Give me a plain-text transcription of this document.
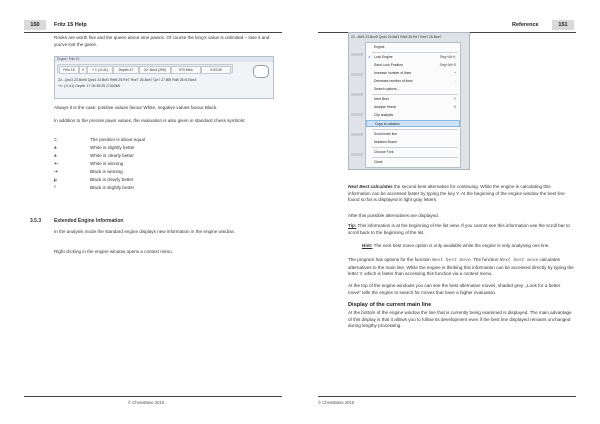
150	Fritz 15 Help

Rooks are worth five and the queen about nine pawns. Of course the king's value is unlimited – lose it and you've lost the game.

Engine: Fritz 15
Fritz 15	0	+ 1 (-0.41)	Depth=17	22: Bxc3 (209)	570 kN/s	0:03:26
22...Qxc3 23.Bxe5 Qxd4 24.Bxf1 Rfe8 25.Re7 Rxe7 26.Bxe7 Qe7 27.Bf5 Rd8 28.f4 Bxe3
+/= (-0.41) Depth: 17 00:39:25 17402kN

Always it is the case: positive values favour White, negative values favour Black.

In addition to the precise pawn values, the evaluation is also given in standard chess symbols:

=	The position is about equal
±	White is slightly better
±	White is clearly better
+-	White is winning
-+	Black is winning
µ	Black is clearly better
³	Black is slightly better
3.5.3	Extended Engine Information

In the analysis mode the standard engine displays new information in the engine window.

Right clicking in the engine window opens a context menu.

© ChessBase 2015
Reference	151
22...Bxf3 23.Bxe5 Qxd4 24.Bxf1 Rfe8 25.Re7 Rxe7 26.Bxe7
Engine
✓ Lock Engine	Strg+Alt+L
Save Lock Position	Strg+Alt+S
Increase number of lines	+
Decrease number of lines	-
Search options...
Next Best	Y
Analyse threat	X
Clip analysis
Copy to notation
Scroll main line
Notation Board
Choose Font
Close

Next Best calculates the second best alternative for continuing. While the engine is calculating this information can be accessed faster by typing the key Y. At the beginning of the engine window the best line found so far is displayed in light gray letters.

After this possible alternatives are displayed.

Tip: This information is at the beginning of the list view. If you cannot see this information use the scroll bar to scroll back to the beginning of the list.

Hint: The next best move option is only available while the engine is only analysing one line.

The program has options for the function Next best move. The function Next best move calculates alternatives to the main line. While the engine is thinking this information can be accessed directly by typing the letter Y, which is faster than accessing this function via a context menu.

At the top of the engine windows you can see the best alternative moves, shaded grey. „Look for a better move" tells the engine to search for moves that have a higher evaluation.

Display of the current main line

At the bottom of the engine window the line that is currently being examined is displayed. The main advantage of this display is that it allows you to follow its development even if the best line displayed remains unchanged during lengthy processing.

© ChessBase 2015
